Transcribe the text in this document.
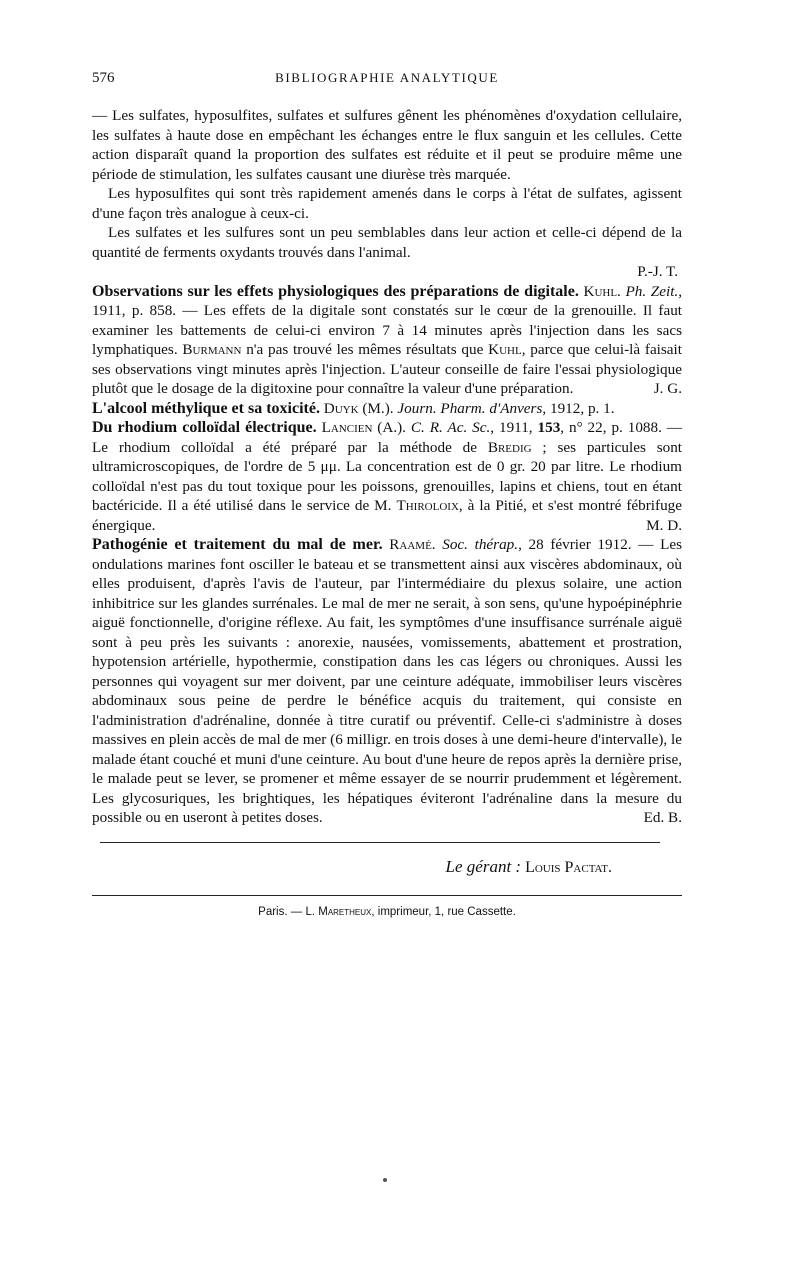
576	BIBLIOGRAPHIE ANALYTIQUE

— Les sulfates, hyposulfites, sulfates et sulfures gênent les phénomènes d'oxydation cellulaire, les sulfates à haute dose en empêchant les échanges entre le flux sanguin et les cellules. Cette action disparaît quand la proportion des sulfates est réduite et il peut se produire même une période de stimulation, les sulfates causant une diurèse très marquée.

Les hyposulfites qui sont très rapidement amenés dans le corps à l'état de sulfates, agissent d'une façon très analogue à ceux-ci.

Les sulfates et les sulfures sont un peu semblables dans leur action et celle-ci dépend de la quantité de ferments oxydants trouvés dans l'animal.

P.-J. T.

Observations sur les effets physiologiques des préparations de digitale. Kuhl. Ph. Zeit., 1911, p. 858. — Les effets de la digitale sont constatés sur le cœur de la grenouille. Il faut examiner les battements de celui-ci environ 7 à 14 minutes après l'injection dans les sacs lymphatiques. Burmann n'a pas trouvé les mêmes résultats que Kuhl, parce que celui-là faisait ses observations vingt minutes après l'injection. L'auteur conseille de faire l'essai physiologique plutôt que le dosage de la digitoxine pour connaître la valeur d'une préparation.	J. G.

L'alcool méthylique et sa toxicité. Duyk (M.). Journ. Pharm. d'Anvers, 1912, p. 1.

Du rhodium colloïdal électrique. Lancien (A.). C. R. Ac. Sc., 1911, 153, n° 22, p. 1088. — Le rhodium colloïdal a été préparé par la méthode de Bredig ; ses particules sont ultramicroscopiques, de l'ordre de 5 μμ. La concentration est de 0 gr. 20 par litre. Le rhodium colloïdal n'est pas du tout toxique pour les poissons, grenouilles, lapins et chiens, tout en étant bactéricide. Il a été utilisé dans le service de M. Thiroloix, à la Pitié, et s'est montré fébrifuge énergique.	M. D.

Pathogénie et traitement du mal de mer. Raamé. Soc. thérap., 28 février 1912. — Les ondulations marines font osciller le bateau et se transmettent ainsi aux viscères abdominaux, où elles produisent, d'après l'avis de l'auteur, par l'intermédiaire du plexus solaire, une action inhibitrice sur les glandes surrénales. Le mal de mer ne serait, à son sens, qu'une hypoépinéphrie aiguë fonctionnelle, d'origine réflexe. Au fait, les symptômes d'une insuffisance surrénale aiguë sont à peu près les suivants : anorexie, nausées, vomissements, abattement et prostration, hypotension artérielle, hypothermie, constipation dans les cas légers ou chroniques. Aussi les personnes qui voyagent sur mer doivent, par une ceinture adéquate, immobiliser leurs viscères abdominaux sous peine de perdre le bénéfice acquis du traitement, qui consiste en l'administration d'adrénaline, donnée à titre curatif ou préventif. Celle-ci s'administre à doses massives en plein accès de mal de mer (6 milligr. en trois doses à une demi-heure d'intervalle), le malade étant couché et muni d'une ceinture. Au bout d'une heure de repos après la dernière prise, le malade peut se lever, se promener et même essayer de se nourrir prudemment et légèrement. Les glycosuriques, les brightiques, les hépatiques éviteront l'adrénaline dans la mesure du possible ou en useront à petites doses.	Ed. B.

Le gérant : Louis Pactat.
Paris. — L. Maretheux, imprimeur, 1, rue Cassette.
